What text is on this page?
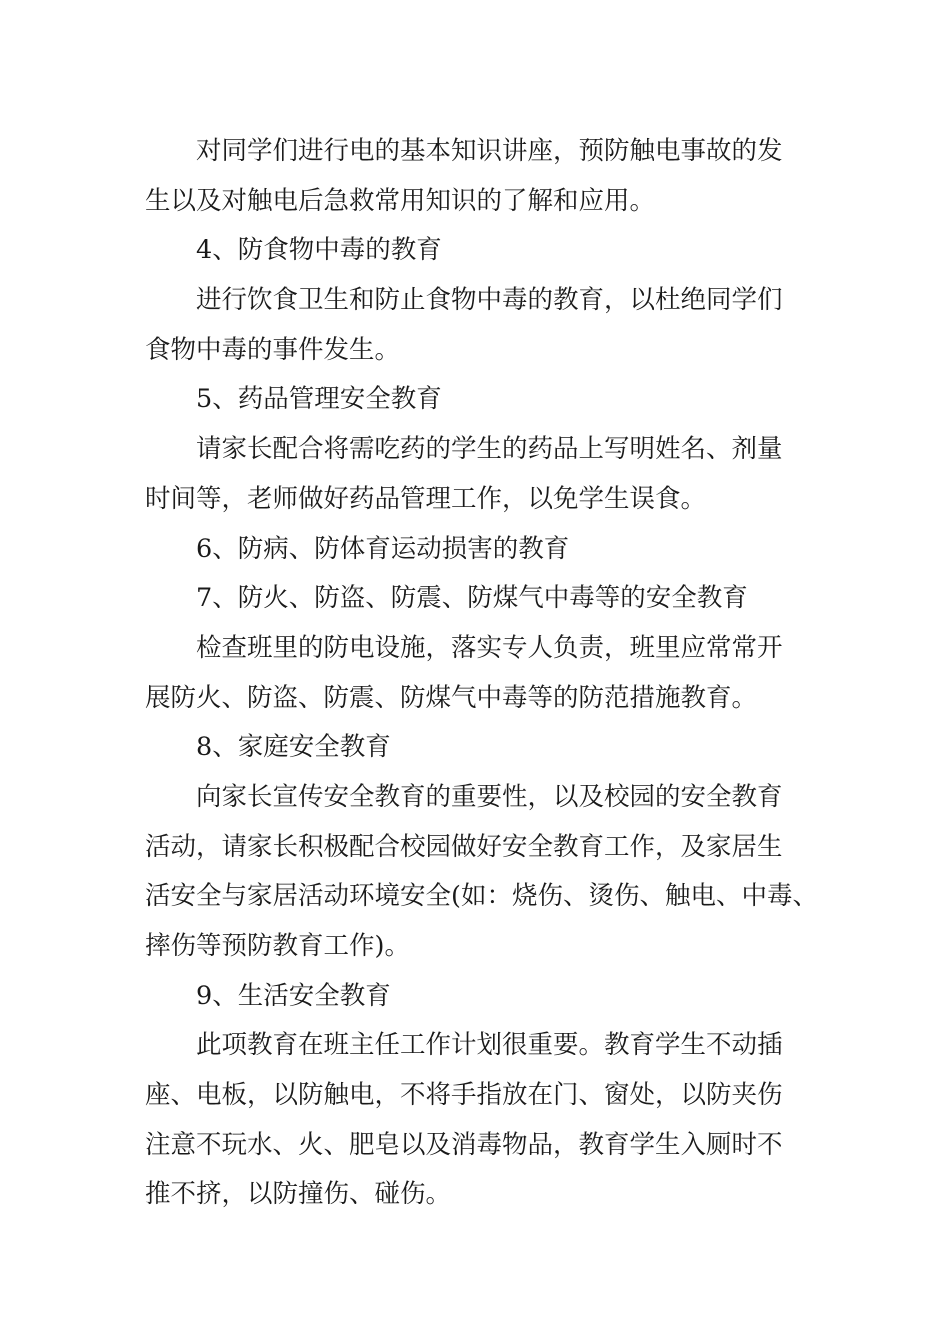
对同学们进行电的基本知识讲座，预防触电事故的发
生以及对触电后急救常用知识的了解和应用。
4、防食物中毒的教育
进行饮食卫生和防止食物中毒的教育，以杜绝同学们
食物中毒的事件发生。
5、药品管理安全教育
请家长配合将需吃药的学生的药品上写明姓名、剂量
时间等，老师做好药品管理工作，以免学生误食。
6、防病、防体育运动损害的教育
7、防火、防盗、防震、防煤气中毒等的安全教育
检查班里的防电设施，落实专人负责，班里应常常开
展防火、防盗、防震、防煤气中毒等的防范措施教育。
8、家庭安全教育
向家长宣传安全教育的重要性，以及校园的安全教育
活动，请家长积极配合校园做好安全教育工作，及家居生
活安全与家居活动环境安全(如：烧伤、烫伤、触电、中毒、
摔伤等预防教育工作)。
9、生活安全教育
此项教育在班主任工作计划很重要。教育学生不动插
座、电板，以防触电，不将手指放在门、窗处，以防夹伤
注意不玩水、火、肥皂以及消毒物品，教育学生入厕时不
推不挤，以防撞伤、碰伤。
